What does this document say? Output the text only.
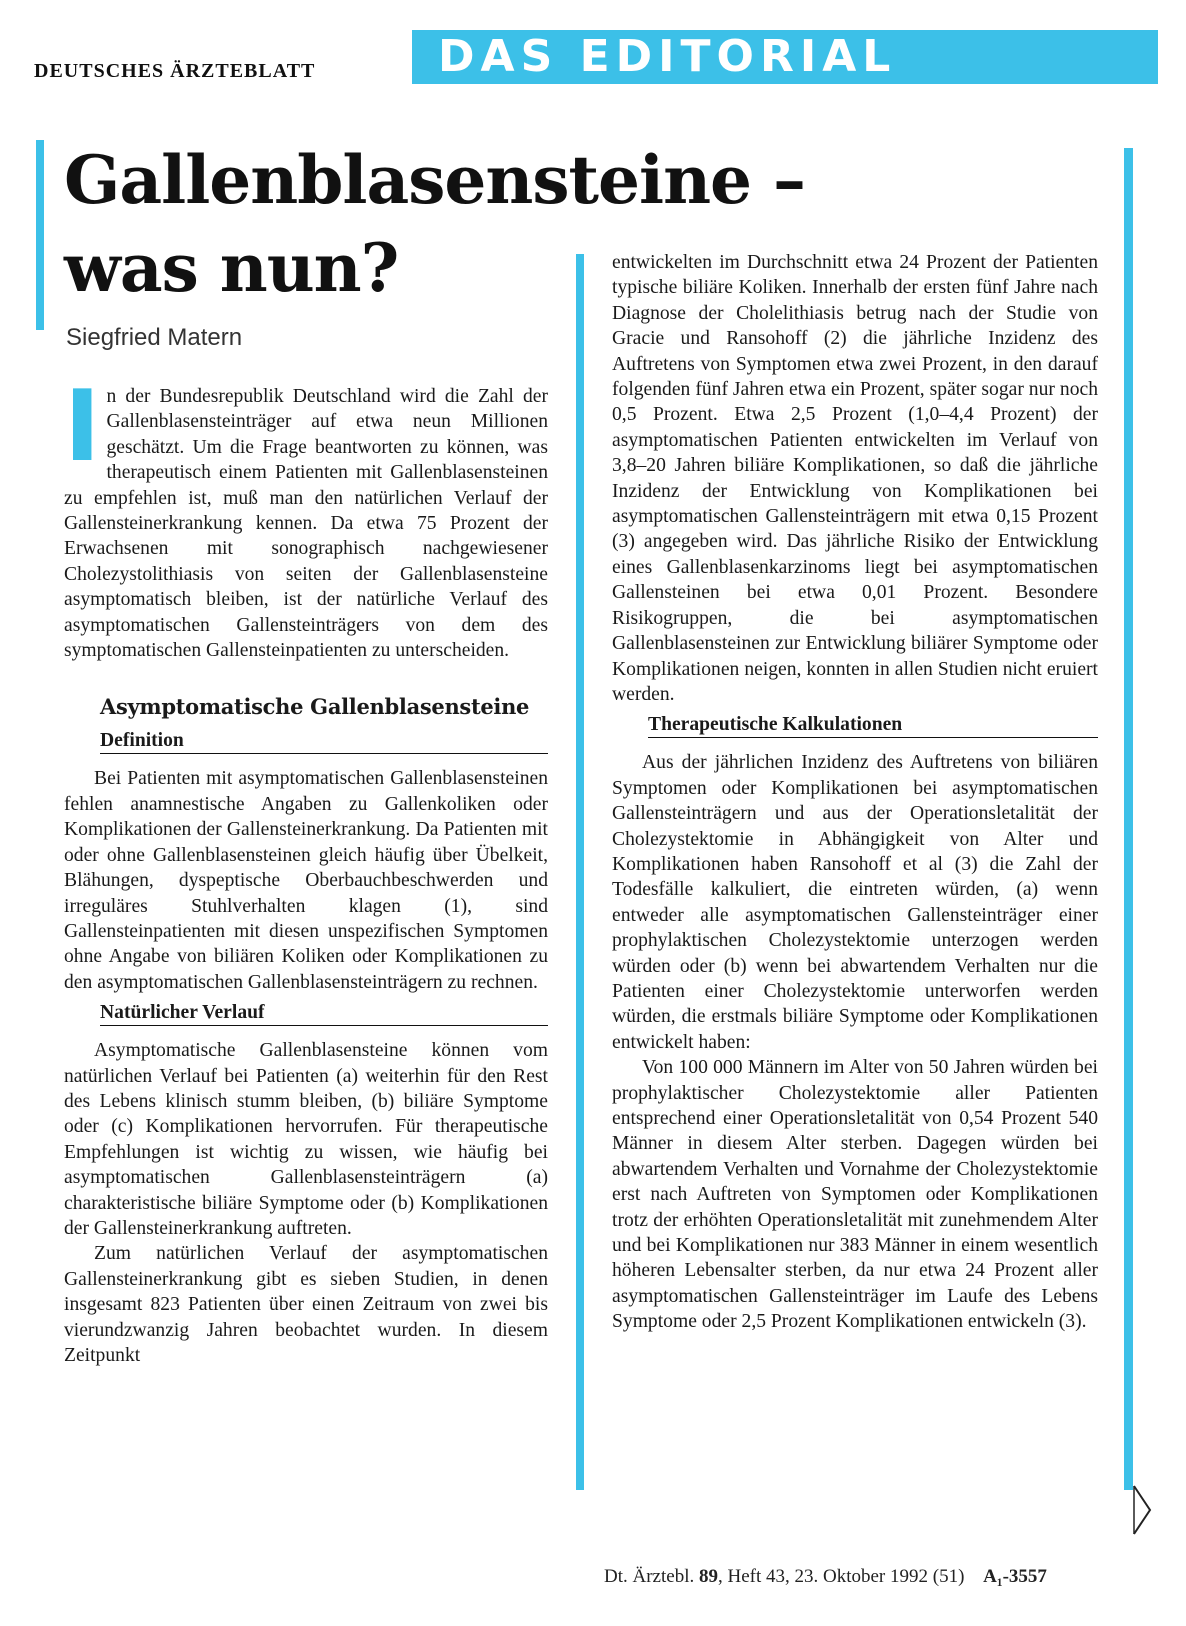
DEUTSCHES ÄRZTEBLATT	DAS EDITORIAL
Gallenblasensteine –
was nun?
Siegfried Matern

In der Bundesrepublik Deutschland wird die Zahl der Gallenblasensteinträger auf etwa neun Millionen geschätzt. Um die Frage beantworten zu können, was therapeutisch einem Patienten mit Gallenblasensteinen zu empfehlen ist, muß man den natürlichen Verlauf der Gallensteinerkrankung kennen. Da etwa 75 Prozent der Erwachsenen mit sonographisch nachgewiesener Cholezystolithiasis von seiten der Gallenblasensteine asymptomatisch bleiben, ist der natürliche Verlauf des asymptomatischen Gallensteinträgers von dem des symptomatischen Gallensteinpatienten zu unterscheiden.

Asymptomatische Gallenblasensteine
Definition

Bei Patienten mit asymptomatischen Gallenblasensteinen fehlen anamnestische Angaben zu Gallenkoliken oder Komplikationen der Gallensteinerkrankung. Da Patienten mit oder ohne Gallenblasensteinen gleich häufig über Übelkeit, Blähungen, dyspeptische Oberbauchbeschwerden und irreguläres Stuhlverhalten klagen (1), sind Gallensteinpatienten mit diesen unspezifischen Symptomen ohne Angabe von biliären Koliken oder Komplikationen zu den asymptomatischen Gallenblasensteinträgern zu rechnen.

Natürlicher Verlauf

Asymptomatische Gallenblasensteine können vom natürlichen Verlauf bei Patienten (a) weiterhin für den Rest des Lebens klinisch stumm bleiben, (b) biliäre Symptome oder (c) Komplikationen hervorrufen. Für therapeutische Empfehlungen ist wichtig zu wissen, wie häufig bei asymptomatischen Gallenblasensteinträgern (a) charakteristische biliäre Symptome oder (b) Komplikationen der Gallensteinerkrankung auftreten.

Zum natürlichen Verlauf der asymptomatischen Gallensteinerkrankung gibt es sieben Studien, in denen insgesamt 823 Patienten über einen Zeitraum von zwei bis vierundzwanzig Jahren beobachtet wurden. In diesem Zeitpunkt

entwickelten im Durchschnitt etwa 24 Prozent der Patienten typische biliäre Koliken. Innerhalb der ersten fünf Jahre nach Diagnose der Cholelithiasis betrug nach der Studie von Gracie und Ransohoff (2) die jährliche Inzidenz des Auftretens von Symptomen etwa zwei Prozent, in den darauf folgenden fünf Jahren etwa ein Prozent, später sogar nur noch 0,5 Prozent. Etwa 2,5 Prozent (1,0–4,4 Prozent) der asymptomatischen Patienten entwickelten im Verlauf von 3,8–20 Jahren biliäre Komplikationen, so daß die jährliche Inzidenz der Entwicklung von Komplikationen bei asymptomatischen Gallensteinträgern mit etwa 0,15 Prozent (3) angegeben wird. Das jährliche Risiko der Entwicklung eines Gallenblasenkarzinoms liegt bei asymptomatischen Gallensteinen bei etwa 0,01 Prozent. Besondere Risikogruppen, die bei asymptomatischen Gallenblasensteinen zur Entwicklung biliärer Symptome oder Komplikationen neigen, konnten in allen Studien nicht eruiert werden.

Therapeutische Kalkulationen

Aus der jährlichen Inzidenz des Auftretens von biliären Symptomen oder Komplikationen bei asymptomatischen Gallensteinträgern und aus der Operationsletalität der Cholezystektomie in Abhängigkeit von Alter und Komplikationen haben Ransohoff et al (3) die Zahl der Todesfälle kalkuliert, die eintreten würden, (a) wenn entweder alle asymptomatischen Gallensteinträger einer prophylaktischen Cholezystektomie unterzogen werden würden oder (b) wenn bei abwartendem Verhalten nur die Patienten einer Cholezystektomie unterworfen werden würden, die erstmals biliäre Symptome oder Komplikationen entwickelt haben:

Von 100 000 Männern im Alter von 50 Jahren würden bei prophylaktischer Cholezystektomie aller Patienten entsprechend einer Operationsletalität von 0,54 Prozent 540 Männer in diesem Alter sterben. Dagegen würden bei abwartendem Verhalten und Vornahme der Cholezystektomie erst nach Auftreten von Symptomen oder Komplikationen trotz der erhöhten Operationsletalität mit zunehmendem Alter und bei Komplikationen nur 383 Männer in einem wesentlich höheren Lebensalter sterben, da nur etwa 24 Prozent aller asymptomatischen Gallensteinträger im Laufe des Lebens Symptome oder 2,5 Prozent Komplikationen entwickeln (3).

Dt. Ärztebl. 89, Heft 43, 23. Oktober 1992 (51) A₁-3557
